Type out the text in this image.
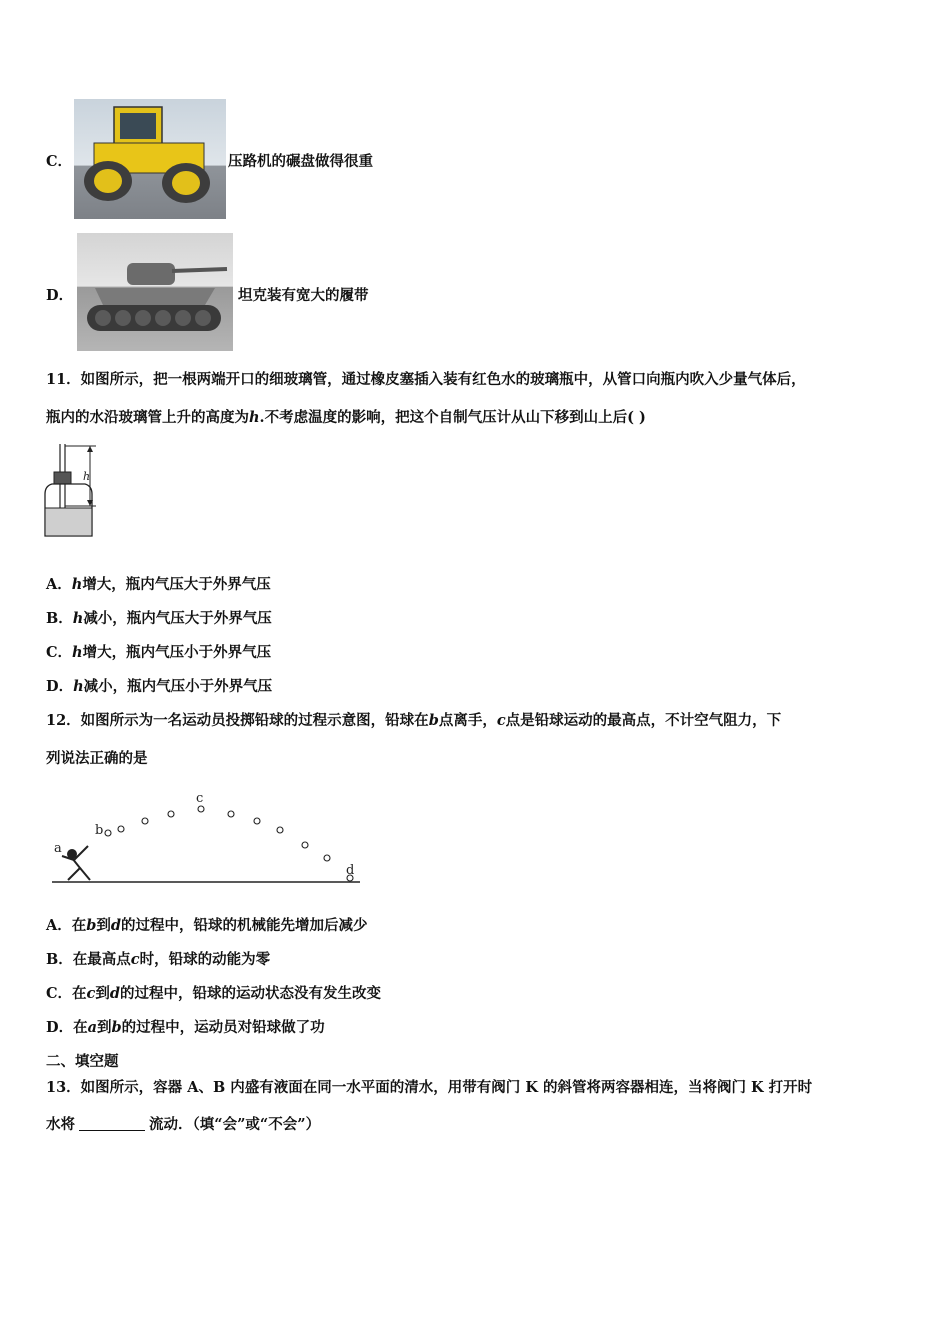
C．	压路机的碾盘做得很重
D．	坦克装有宽大的履带
11．如图所示，把一根两端开口的细玻璃管，通过橡皮塞插入装有红色水的玻璃瓶中，从管口向瓶内吹入少量气体后，
瓶内的水沿玻璃管上升的高度为h.不考虑温度的影响，把这个自制气压计从山下移到山上后( )
h
A．h增大，瓶内气压大于外界气压
B．h减小，瓶内气压大于外界气压
C．h增大，瓶内气压小于外界气压
D．h减小，瓶内气压小于外界气压
12．如图所示为一名运动员投掷铅球的过程示意图，铅球在b点离手，c点是铅球运动的最高点，不计空气阻力，下
列说法正确的是
a
b
c
d
A．在b到d的过程中，铅球的机械能先增加后减少
B．在最高点c时，铅球的动能为零
C．在c到d的过程中，铅球的运动状态没有发生改变
D．在a到b的过程中，运动员对铅球做了功
二、填空题
13．如图所示，容器 A、B 内盛有液面在同一水平面的清水，用带有阀门 K 的斜管将两容器相连，当将阀门 K 打开时
水将	流动．（填“会”或“不会”）
